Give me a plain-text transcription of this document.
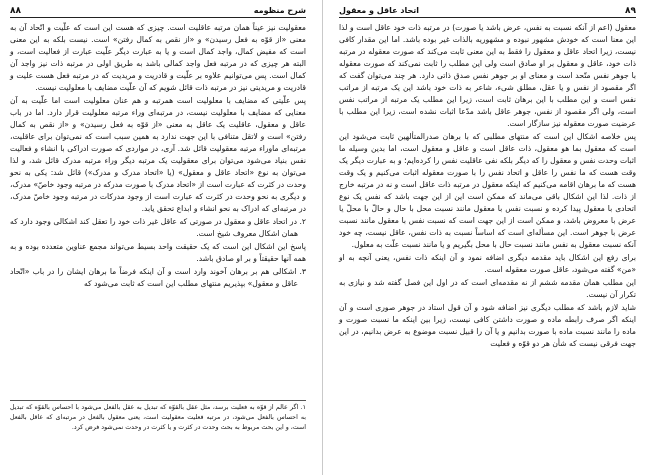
۸۸	شرح منظومه

معقولیت نیز عیناً همان مرتبه عاقلیت است. چیزی که هست این است که علّیت و اتّحاد آن به معنی «از قوّه به فعل رسیدن» و «از نقص به کمال رفتن» است. نیست بلکه به این معنی است که مفیض کمال، واجد کمال است و یا به عبارت دیگر علّیت عبارت از فعالیت است، و البته هر چیزی که در مرتبه فعل واجد کمالی باشد به طریق اولی در مرتبه ذات نیز واجد آن کمال است. پس می‌توانیم علاوه بر علّیت و قادریت و مریدیت که در مرتبه فعل هست علیت و قادریت و مریدیتی نیز در مرتبه ذات قائل شویم که آن علّیت مضایف با معلولیت نیست.

پس علّیتی که مضایف با معلولیت است همرتبه و هم عنان معلولیت است اما علّیت به آن معنایی که مضایف با معلولیت نیست، در مرتبه‌ای وراء مرتبه معلولیت قرار دارد. اما در باب عاقل و معقول، عاقلیت یک عاقل به معنی «از قوّه به فعل رسیدن» و «از نقص به کمال رفتن» است و لاتقل متنافی با این جهت ندارد به همین سبب است که نمی‌توان برای عاقلیت، مرتبه‌ای ماوراء مرتبه معقولیت قائل شد. آری، در مواردی که صورت ادراکی با انشاء و فعالیت نفس بنیاد می‌شود می‌توان برای معقولیت یک مرتبه دیگر وراء مرتبه مدرک قائل شد، و لذا می‌توان به نوع «اتحاد عاقل و معقول» (یا «اتحاد مدرک و مدرک») قائل شد: یکی به نحو وحدت در کثرت که عبارت است از «اتحاد مدرک با صورت مدرکه در مرتبه وجود خاصّ» مدرک، و دیگری به نحو وحدت در کثرت که عبارت است از وجود مدرکات در مرتبه وجود خاصّ مدرک، در مرتبه‌ای که ادراک به نحو انشاء و ابداع تحقق یابد.

۲. در اتحاد عاقل و معقول در صورتی که عاقل غیر ذات خود را تعقل کند اشکالی وجود دارد که همان اشکال معروف شیخ است.

پاسخ این اشکال این است که یک حقیقت واحد بسیط می‌تواند مجمع عناوین متعدده بوده و به همه آنها حقیقتاً و بر او صادق باشد.

۳. اشکالی هم بر برهان آخوند وارد است و آن اینکه فرضاً ما برهان ایشان را در باب «اتّحاد عاقل و معقول» بپذیریم منتهای مطلب این است که ثابت می‌شود که

۱. اگر عالم از قوّه به فعلیت برسد، مثل عقل بالقوّه که تبدیل به عقل بالفعل می‌شود با احساس بالقوّه که تبدیل به احساس بالفعل می‌شود، در مرتبه فعلیت معقولیت است، یعنی معقول بالفعل در مرتبه‌ای که عاقل بالفعل است، و این بحث مربوط به بحث وحدت در کثرت و یا کثرت در وحدت نمی‌شود فرض کرد.

اتحاد عاقل و معقول	۸۹

معقول (اعم از آنکه نسبت به نفس، عرض باشد یا صورت) در مرتبه ذات خود عاقل است و لذا این معنا است که خودش مشهور نبوده و مشهوریه بالذات غیر بوده باشد. اما این مقدار کافی نیست، زیرا اتحاد عاقل و معقول را فقط به این معنی ثابت می‌کند که صورت معقوله در مرتبه ذات خود، عاقل و معقول بر او صادق است ولی این مطلب را ثابت نمی‌کند که صورت معقوله با جوهر نفس متّحد است و معنای او بر جوهر نفس صدق ذاتی دارد. هر چند می‌توان گفت که اگر مقصود از نفس و یا عقل، مطلق شیء، شاعر به ذات خود باشد این یک مرتبه از مراتب نفس است و این مطلب با این برهان ثابت است، زیرا این مطلب یک مرتبه از مراتب نفس است، ولی اگر مقصود از نفس، جوهر عاقل باشد مدّعا اثبات نشده است، زیرا این مطلب با عرضیت صورت معقوله نیز سازگار است.

پس خلاصه اشکال این است که منتهای مطلبی که با برهان صدرالمتألهین ثابت می‌شود این است که معقول بما هو معقول، ذات عاقل است و عاقل و معقول است، اما بدین وسیله ما اثبات وحدت نفس و معقول را که دیگر بلکه نفی عاقلیت نفس را کرده‌ایم؛ و به عبارت دیگر یک وقت هست که ما نفس را عاقل و اتحاد نفس را با صورت معقوله اثبات می‌کنیم و یک وقت هست که ما برهان اقامه می‌کنیم که اینکه معقول در مرتبه ذات عاقل است و نه در مرتبه خارج از ذات. لذا این اشکال باقی می‌ماند که ممکن است این از این جهت باشد که نفس یک نوع اتحادی با معقول پیدا کرده و نسبت نفس با معقول مانند نسبت محل با حال و حالّ با محلّ یا عرض با معروض باشد، و ممکن است از این جهت است که نسبت نفس با معقول مانند نسبت عرض با جوهر است. این مسأله‌ای است که اساساً نسبت به ذات نفس، عاقل نیست، چه خود آنکه نسبت معقول به نفس مانند نسبت حال با محل بگیریم و یا مانند نسبت علّت به معلول.

برای رفع این اشکال باید مقدمه دیگری اضافه نمود و آن اینکه ذات نفس، یعنی آنچه به او «من» گفته می‌شود، عاقل صورت معقوله است.

این مطلب همان مقدمه ششم از نه مقدمه‌ای است که در اول این فصل گفته شد و نیازی به تکرار آن نیست.

شاید لازم باشد که مطلب دیگری نیز اضافه شود و آن قول استاد در جوهر صوری است و آن اینکه اگر صرف رابطه ماده و صورت داشتن کافی نیست، زیرا بین اینکه ما نسبت صورت و ماده را مانند نسبت ماده با صورت بدانیم و یا آن را قبیل نسبت موضوع به عرض بدانیم، در این جهت فرقی نیست که شأن هر دو قوّه و فعلیت
